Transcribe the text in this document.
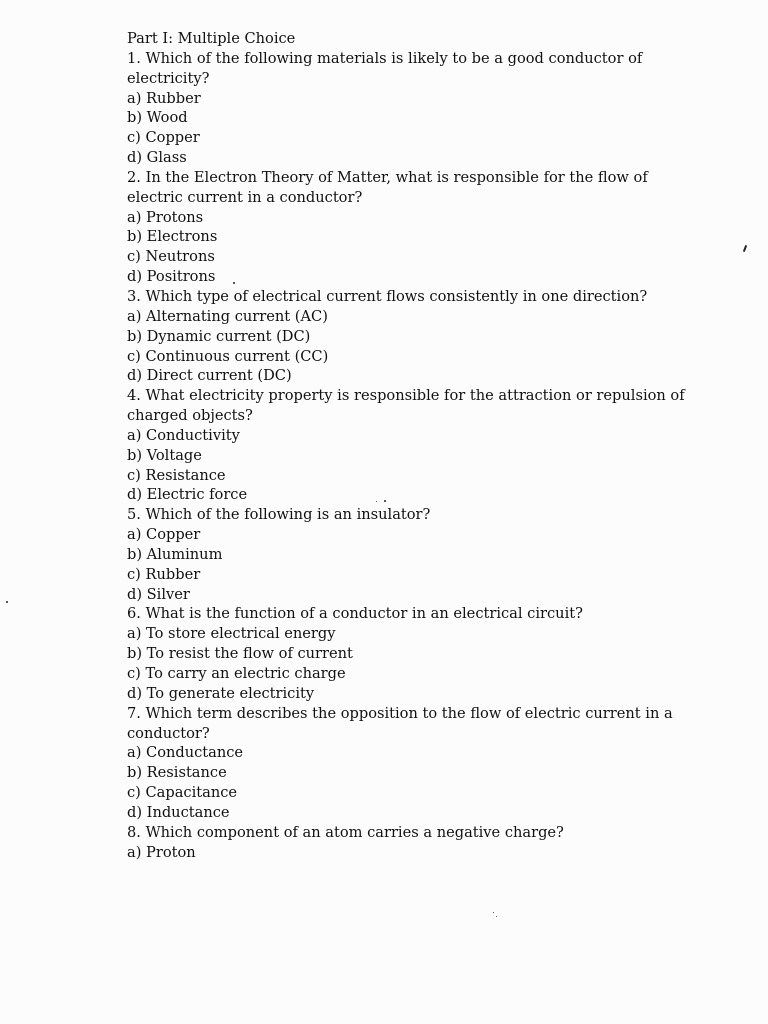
Part I: Multiple Choice
1. Which of the following materials is likely to be a good conductor of
electricity?
a) Rubber
b) Wood
c) Copper
d) Glass
2. In the Electron Theory of Matter, what is responsible for the flow of
electric current in a conductor?
a) Protons
b) Electrons
c) Neutrons
d) Positrons
3. Which type of electrical current flows consistently in one direction?
a) Alternating current (AC)
b) Dynamic current (DC)
c) Continuous current (CC)
d) Direct current (DC)
4. What electricity property is responsible for the attraction or repulsion of
charged objects?
a) Conductivity
b) Voltage
c) Resistance
d) Electric force
5. Which of the following is an insulator?
a) Copper
b) Aluminum
c) Rubber
d) Silver
6. What is the function of a conductor in an electrical circuit?
a) To store electrical energy
b) To resist the flow of current
c) To carry an electric charge
d) To generate electricity
7. Which term describes the opposition to the flow of electric current in a
conductor?
a) Conductance
b) Resistance
c) Capacitance
d) Inductance
8. Which component of an atom carries a negative charge?
a) Proton
